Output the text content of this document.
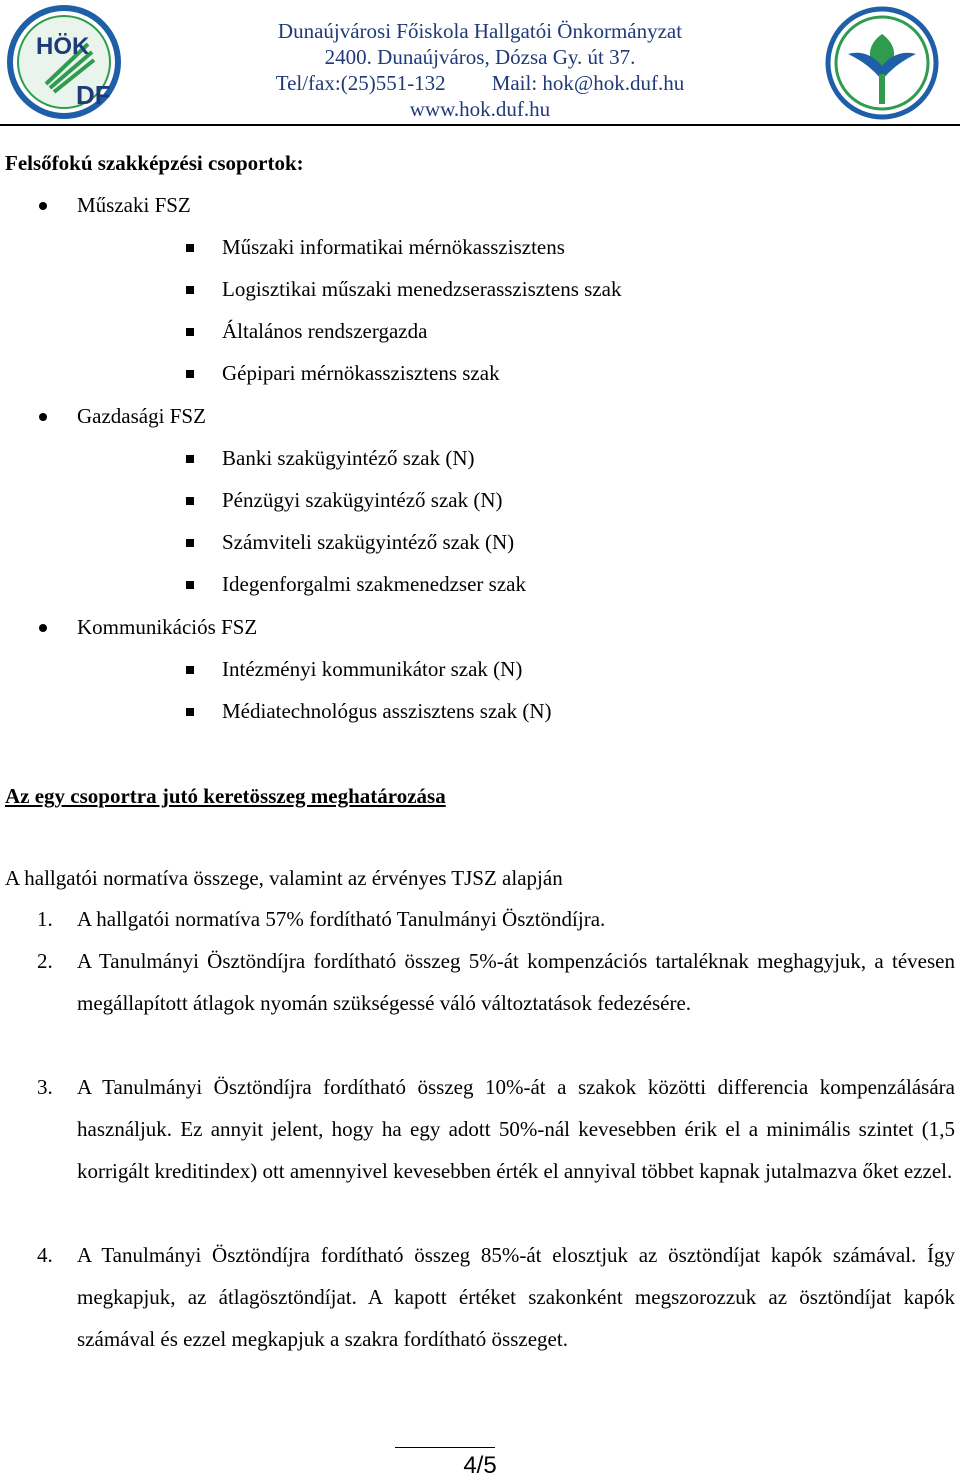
HÖK
DF
Dunaújvárosi Főiskola Hallgatói Önkormányzat
2400. Dunaújváros, Dózsa Gy. út 37.
Tel/fax:(25)551-132 Mail: hok@hok.duf.hu
www.hok.duf.hu
Felsőfokú szakképzési csoportok:
Műszaki FSZ
Műszaki informatikai mérnökasszisztens
Logisztikai műszaki menedzserasszisztens szak
Általános rendszergazda
Gépipari mérnökasszisztens szak
Gazdasági FSZ
Banki szakügyintéző szak (N)
Pénzügyi szakügyintéző szak (N)
Számviteli szakügyintéző szak (N)
Idegenforgalmi szakmenedzser szak
Kommunikációs FSZ
Intézményi kommunikátor szak (N)
Médiatechnológus asszisztens szak (N)
Az egy csoportra jutó keretösszeg meghatározása
A hallgatói normatíva összege, valamint az érvényes TJSZ alapján
1. A hallgatói normatíva 57% fordítható Tanulmányi Ösztöndíjra.
2. A Tanulmányi Ösztöndíjra fordítható összeg 5%-át kompenzációs tartaléknak meghagyjuk, a tévesen megállapított átlagok nyomán szükségessé váló változtatások fedezésére.
3. A Tanulmányi Ösztöndíjra fordítható összeg 10%-át a szakok közötti differencia kompenzálására használjuk. Ez annyit jelent, hogy ha egy adott 50%-nál kevesebben érik el a minimális szintet (1,5 korrigált kreditindex) ott amennyivel kevesebben érték el annyival többet kapnak jutalmazva őket ezzel.
4. A Tanulmányi Ösztöndíjra fordítható összeg 85%-át elosztjuk az ösztöndíjat kapók számával. Így megkapjuk, az átlagösztöndíjat. A kapott értéket szakonként megszorozzuk az ösztöndíjat kapók számával és ezzel megkapjuk a szakra fordítható összeget.
4/5
